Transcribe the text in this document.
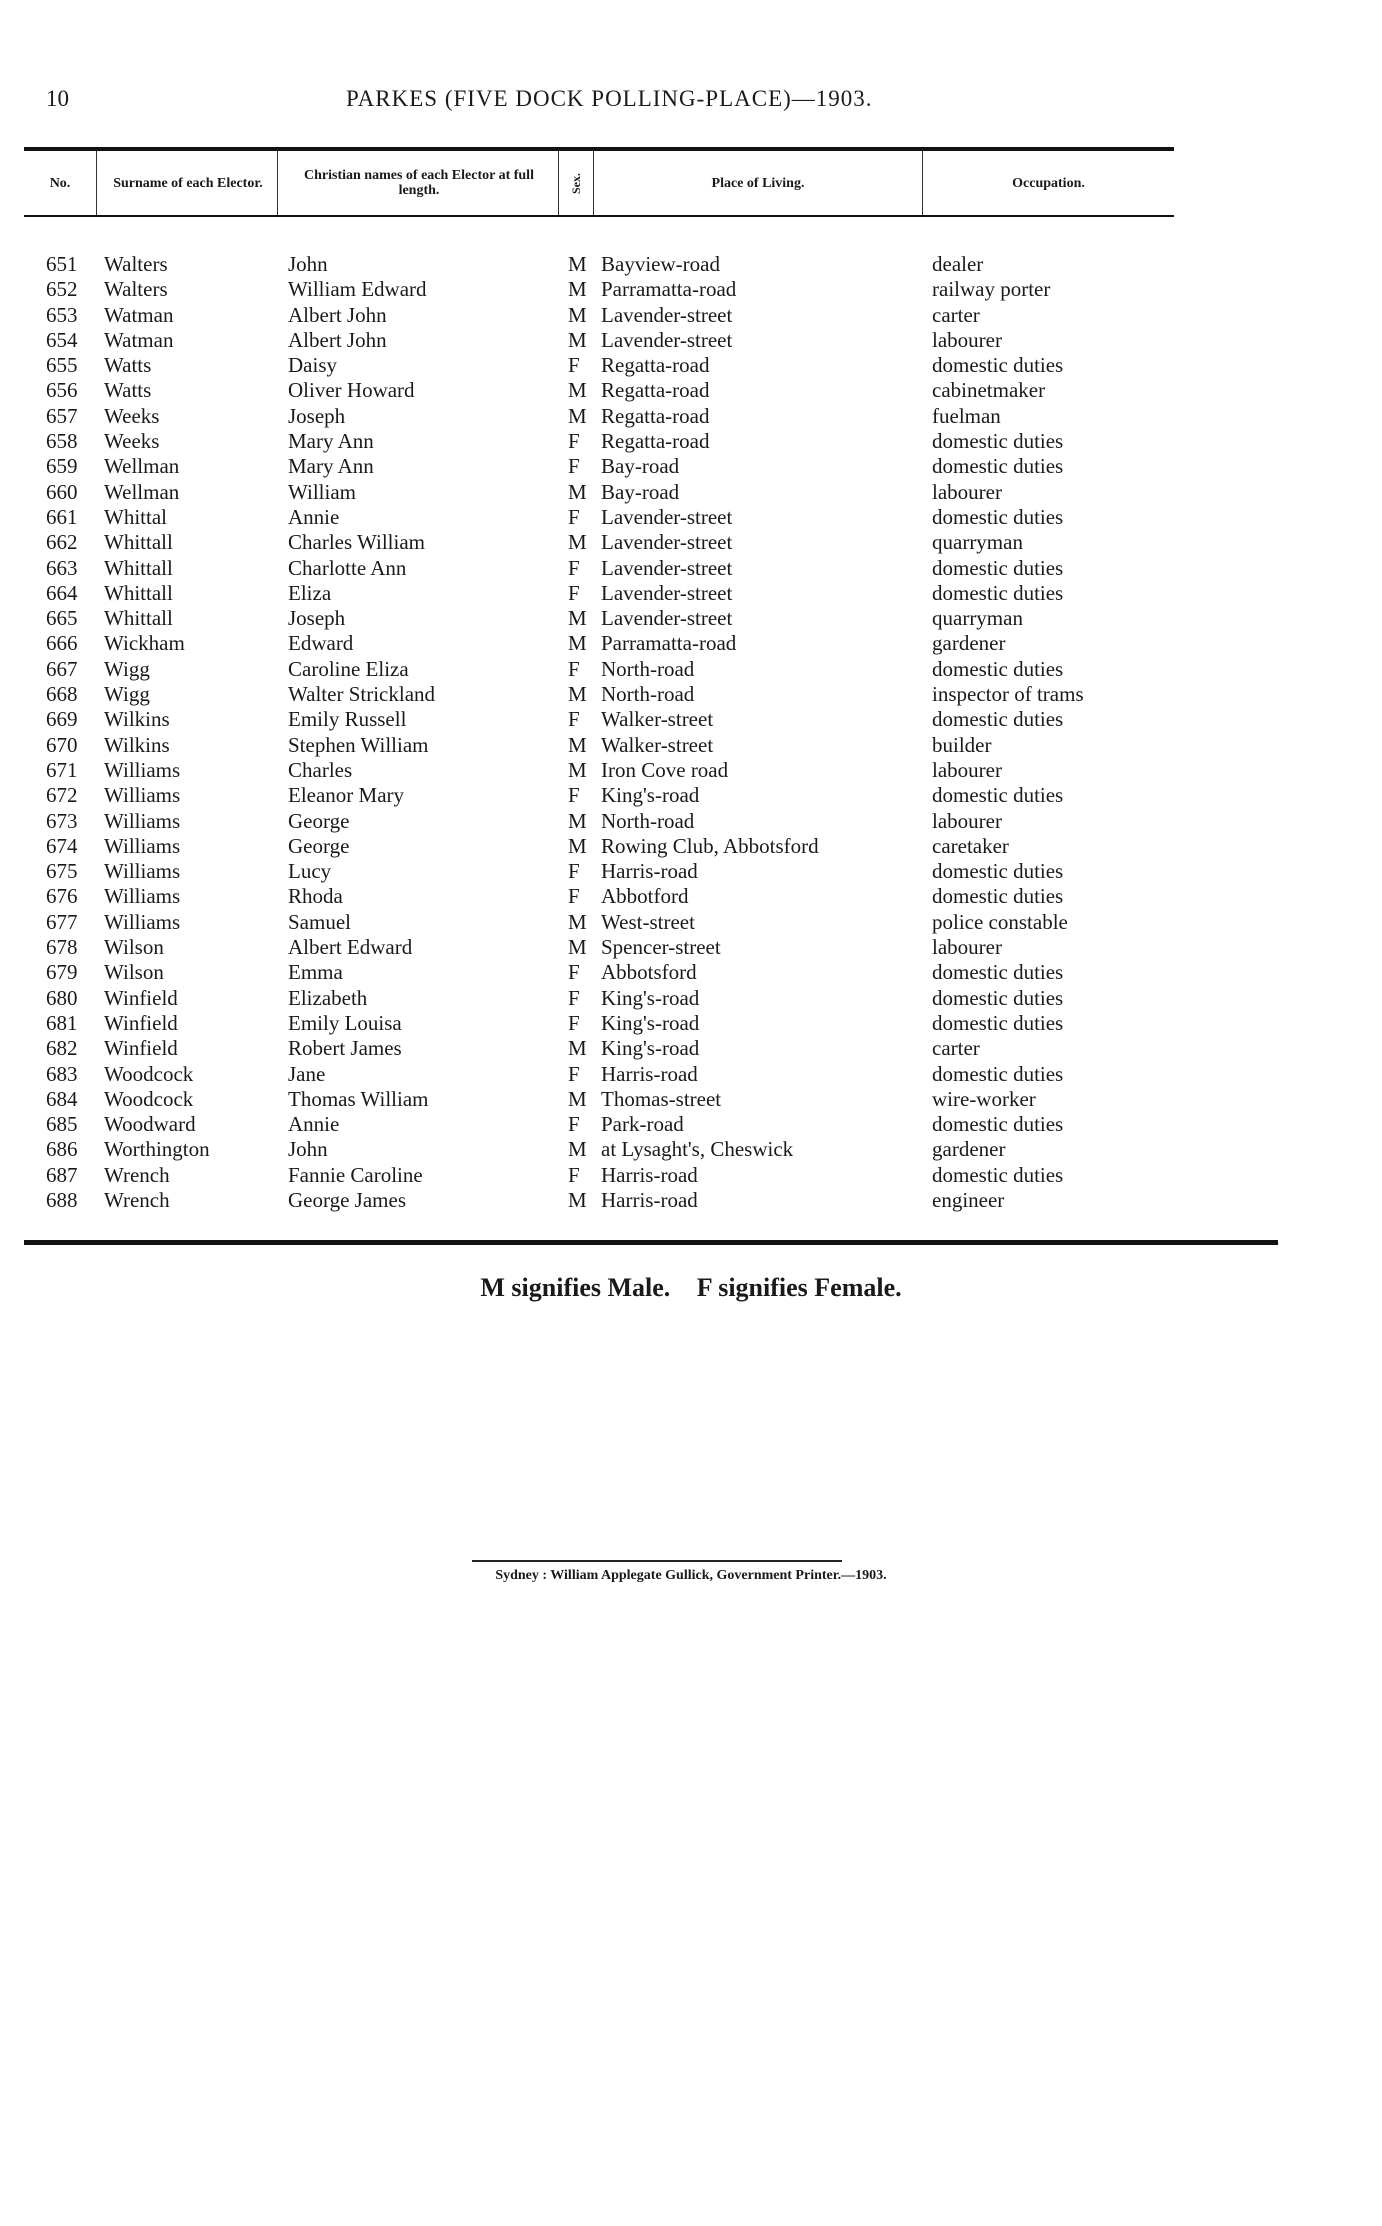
10	PARKES (FIVE DOCK POLLING-PLACE)—1903.
No.	Surname of each Elector.	Christian names of each Elector at full length.	Sex.	Place of Living.	Occupation.
651 Walters	John	M Bayview-road	dealer
652 Walters	William Edward	M Parramatta-road	railway porter
653 Watman	Albert John	M Lavender-street	carter
654 Watman	Albert John	M Lavender-street	labourer
655 Watts	Daisy	F Regatta-road	domestic duties
656 Watts	Oliver Howard	M Regatta-road	cabinetmaker
657 Weeks	Joseph	M Regatta-road	fuelman
658 Weeks	Mary Ann	F Regatta-road	domestic duties
659 Wellman	Mary Ann	F Bay-road	domestic duties
660 Wellman	William	M Bay-road	labourer
661 Whittal	Annie	F Lavender-street	domestic duties
662 Whittall	Charles William	M Lavender-street	quarryman
663 Whittall	Charlotte Ann	F Lavender-street	domestic duties
664 Whittall	Eliza	F Lavender-street	domestic duties
665 Whittall	Joseph	M Lavender-street	quarryman
666 Wickham	Edward	M Parramatta-road	gardener
667 Wigg	Caroline Eliza	F North-road	domestic duties
668 Wigg	Walter Strickland	M North-road	inspector of trams
669 Wilkins	Emily Russell	F Walker-street	domestic duties
670 Wilkins	Stephen William	M Walker-street	builder
671 Williams	Charles	M Iron Cove road	labourer
672 Williams	Eleanor Mary	F King's-road	domestic duties
673 Williams	George	M North-road	labourer
674 Williams	George	M Rowing Club, Abbotsford	caretaker
675 Williams	Lucy	F Harris-road	domestic duties
676 Williams	Rhoda	F Abbotford	domestic duties
677 Williams	Samuel	M West-street	police constable
678 Wilson	Albert Edward	M Spencer-street	labourer
679 Wilson	Emma	F Abbotsford	domestic duties
680 Winfield	Elizabeth	F King's-road	domestic duties
681 Winfield	Emily Louisa	F King's-road	domestic duties
682 Winfield	Robert James	M King's-road	carter
683 Woodcock	Jane	F Harris-road	domestic duties
684 Woodcock	Thomas William	M Thomas-street	wire-worker
685 Woodward	Annie	F Park-road	domestic duties
686 Worthington	John	M at Lysaght's, Cheswick	gardener
687 Wrench	Fannie Caroline	F Harris-road	domestic duties
688 Wrench	George James	M Harris-road	engineer
M signifies Male. F signifies Female.
Sydney : William Applegate Gullick, Government Printer.—1903.
